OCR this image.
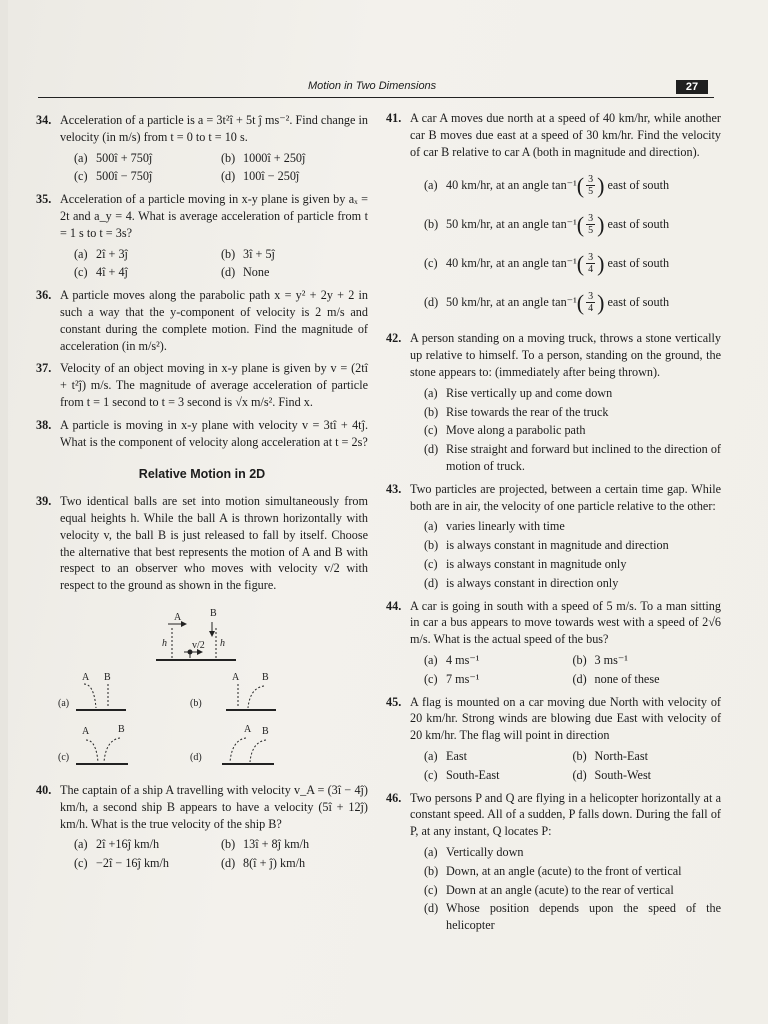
Motion in Two Dimensions	27
34. Acceleration of a particle is a = 3t²î + 5t ĵ ms⁻². Find change in velocity (in m/s) from t = 0 to t = 10 s.
(a) 500î + 750ĵ	(b) 1000î + 250ĵ
(c) 500î − 750ĵ	(d) 100î − 250ĵ
35. Acceleration of a particle moving in x-y plane is given by aₓ = 2t and a_y = 4. What is average acceleration of particle from t = 1 s to t = 3s?
(a) 2î + 3ĵ	(b) 3î + 5ĵ
(c) 4î + 4ĵ	(d) None
36. A particle moves along the parabolic path x = y² + 2y + 2 in such a way that the y-component of velocity is 2 m/s and constant during the complete motion. Find the magnitude of acceleration (in m/s²).
37. Velocity of an object moving in x-y plane is given by v = (2tî + t²ĵ) m/s. The magnitude of average acceleration of particle from t = 1 second to t = 3 second is √x m/s². Find x.
38. A particle is moving in x-y plane with velocity v = 3tî + 4tĵ. What is the component of velocity along acceleration at t = 2s?
Relative Motion in 2D
39. Two identical balls are set into motion simultaneously from equal heights h. While the ball A is thrown horizontally with velocity v, the ball B is just released to fall by itself. Choose the alternative that best represents the motion of A and B with respect to an observer who moves with velocity v/2 with respect to the ground as shown in the figure.
A	B
h	h
v/2
(a)
A B
(b)
A B
(c)
A	B
(d)
A B
40. The captain of a ship A travelling with velocity v_A = (3î − 4ĵ) km/h, a second ship B appears to have a velocity (5î + 12ĵ) km/h. What is the true velocity of the ship B?
(a) 2î +16ĵ km/h	(b) 13î + 8ĵ km/h
(c) −2î − 16ĵ km/h	(d) 8(î + ĵ) km/h
41. A car A moves due north at a speed of 40 km/hr, while another car B moves due east at a speed of 30 km/hr. Find the velocity of car B relative to car A (both in magnitude and direction).
(a) 40 km/hr, at an angle tan⁻¹ ( $\frac{3}{5}$ )
east of south
(b) 50 km/hr, at an angle tan⁻¹ ( $\frac{3}{5}$ )
east of south
(c) 40 km/hr, at an angle tan⁻¹ ( $\frac{3}{4}$ )
east of south
(d) 50 km/hr, at an angle tan⁻¹ ( $\frac{3}{4}$ )
east of south
42. A person standing on a moving truck, throws a stone vertically up relative to himself. To a person, standing on the ground, the stone appears to: (immediately after being thrown).
(a) Rise vertically up and come down
(b) Rise towards the rear of the truck
(c) Move along a parabolic path
(d) Rise straight and forward but inclined to the direction of motion of truck.
43. Two particles are projected, between a certain time gap. While both are in air, the velocity of one particle relative to the other:
(a) varies linearly with time
(b) is always constant in magnitude and direction
(c) is always constant in magnitude only
(d) is always constant in direction only
44. A car is going in south with a speed of 5 m/s. To a man sitting in car a bus appears to move towards west with a speed of 2√6 m/s. What is the actual speed of the bus?
(a) 4 ms⁻¹	(b) 3 ms⁻¹
(c) 7 ms⁻¹	(d) none of these
45. A flag is mounted on a car moving due North with velocity of 20 km/hr. Strong winds are blowing due East with velocity of 20 km/hr. The flag will point in direction
(a) East	(b) North-East
(c) South-East	(d) South-West
46. Two persons P and Q are flying in a helicopter horizontally at a constant speed. All of a sudden, P falls down. During the fall of P, at any instant, Q locates P:
(a) Vertically down
(b) Down, at an angle (acute) to the front of vertical
(c) Down at an angle (acute) to the rear of vertical
(d) Whose position depends upon the speed of the helicopter
